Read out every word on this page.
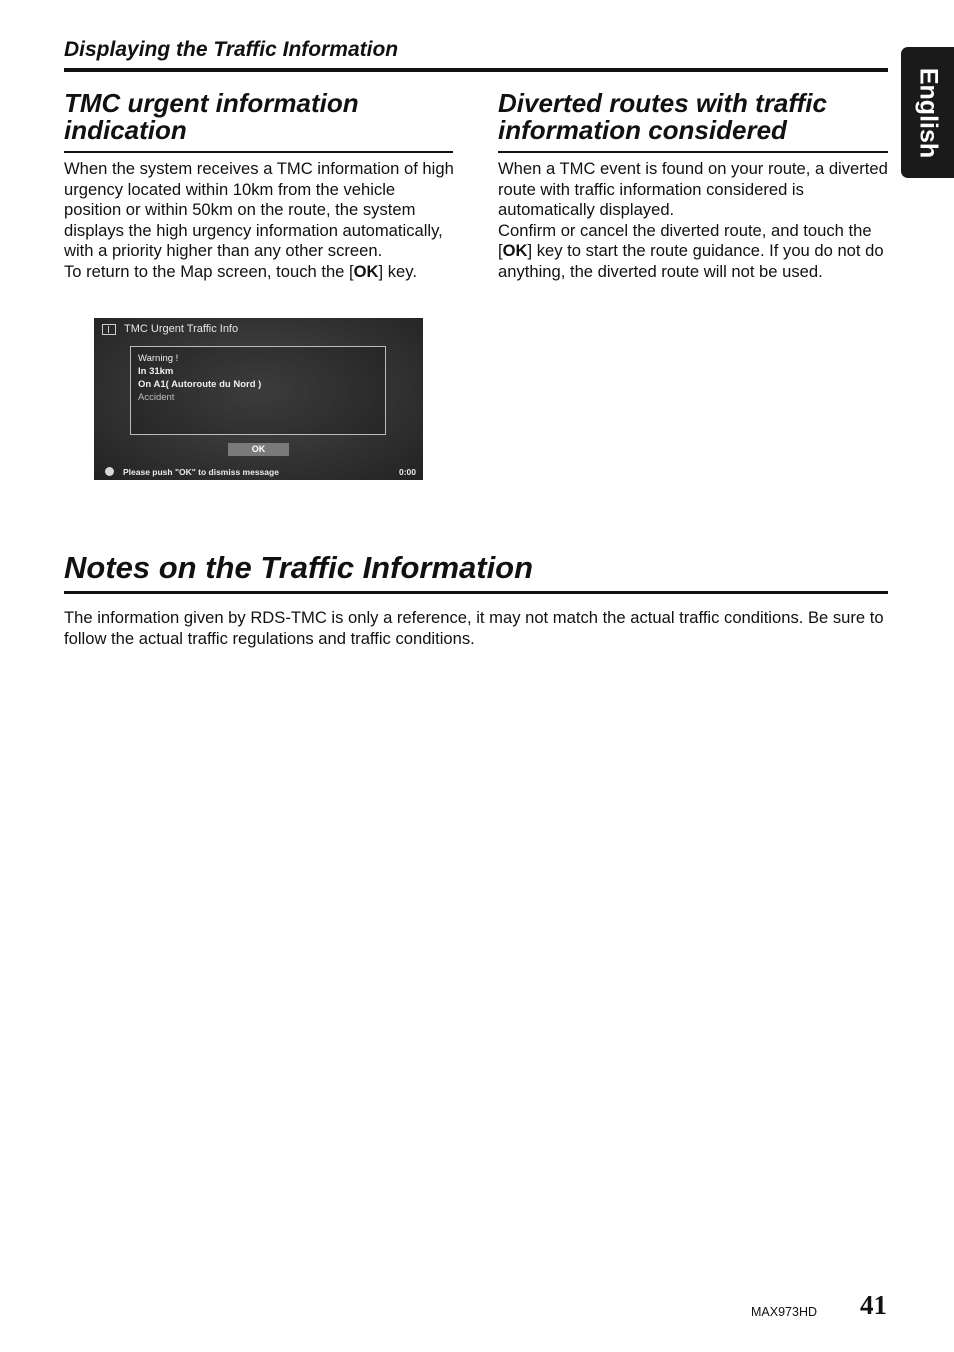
Displaying the Traffic Information
English
TMC urgent information
indication

When the system receives a TMC information of high urgency located within 10km from the vehicle position or within 50km on the route, the system displays the high urgency information automatically, with a priority higher than any other screen.

To return to the Map screen, touch the [OK] key.

Diverted routes with traffic
information considered

When a TMC event is found on your route, a diverted route with traffic information considered is automatically displayed.

Confirm or cancel the diverted route, and touch the [OK] key to start the route guidance. If you do not do anything, the diverted route will not be used.

TMC Urgent Traffic Info
Warning !
In 31km
On A1( Autoroute du Nord )
Accident
OK
Please push "OK" to dismiss message	0:00
Notes on the Traffic Information

The information given by RDS-TMC is only a reference, it may not match the actual traffic conditions. Be sure to follow the actual traffic regulations and traffic conditions.

MAX973HD 41
